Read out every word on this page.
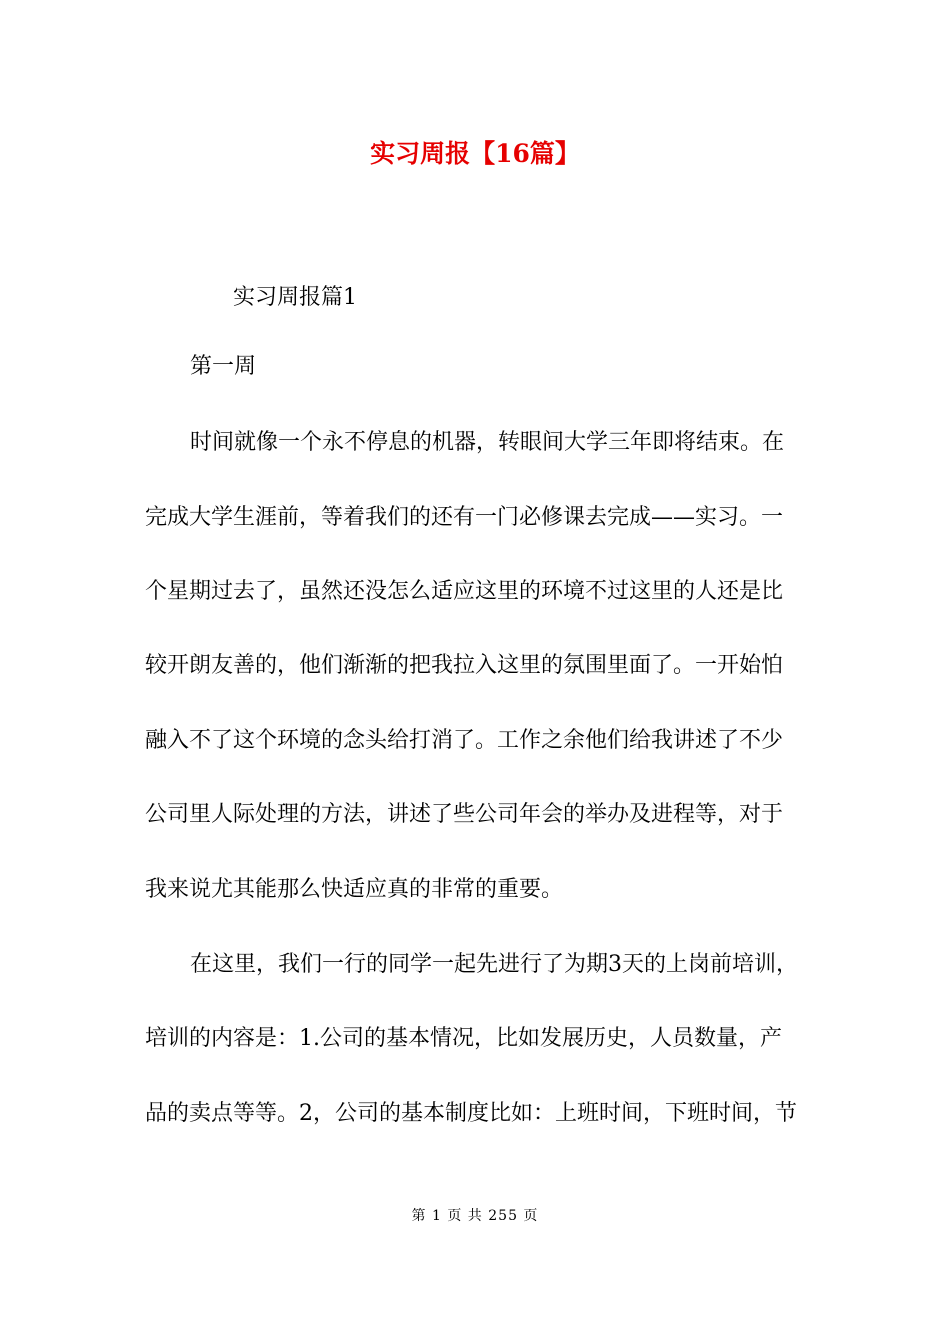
实习周报【16篇】
实习周报篇1
第一周
时间就像一个永不停息的机器，转眼间大学三年即将结束。在
完成大学生涯前，等着我们的还有一门必修课去完成——实习。一
个星期过去了，虽然还没怎么适应这里的环境不过这里的人还是比
较开朗友善的，他们渐渐的把我拉入这里的氛围里面了。一开始怕
融入不了这个环境的念头给打消了。工作之余他们给我讲述了不少
公司里人际处理的方法，讲述了些公司年会的举办及进程等，对于
我来说尤其能那么快适应真的非常的重要。
在这里，我们一行的同学一起先进行了为期3天的上岗前培训，
培训的内容是：1.公司的基本情况，比如发展历史，人员数量，产
品的卖点等等。2，公司的基本制度比如：上班时间，下班时间，节
第 1 页 共 255 页
